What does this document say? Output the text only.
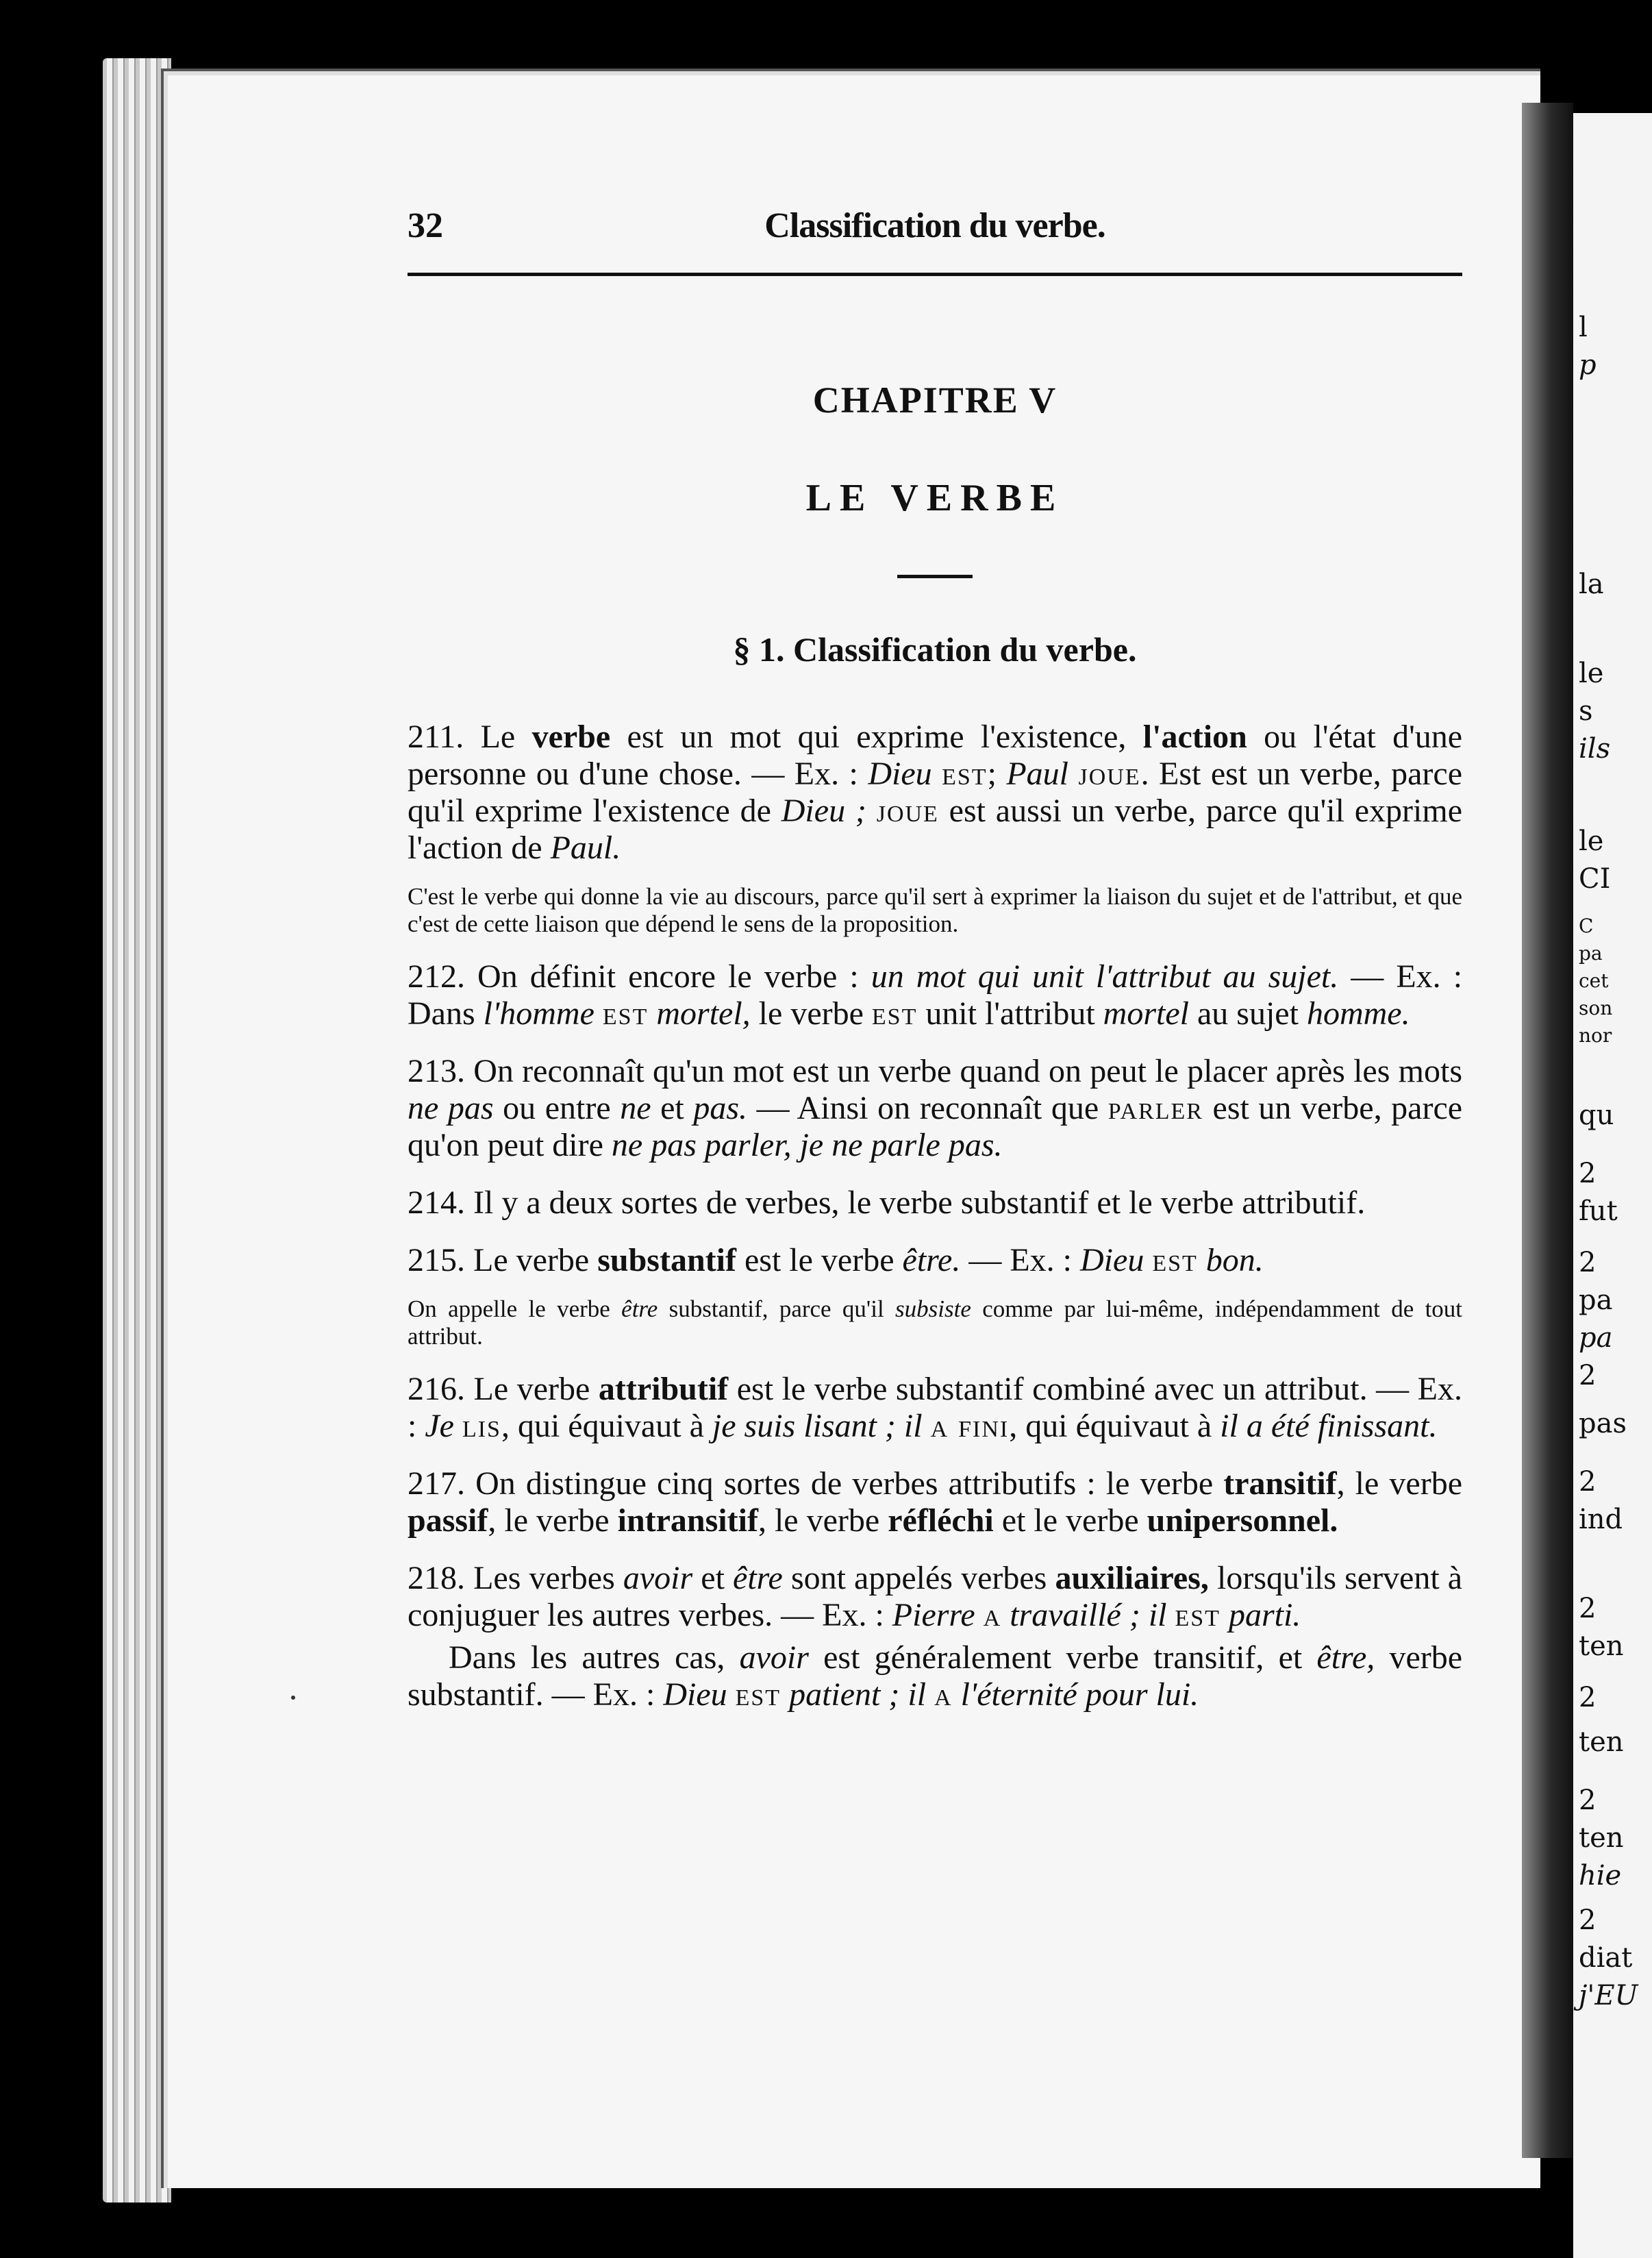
l
p
la
le
s
ils
le
CI
C
pa
cet
son
nor
qu
2
fut
2
pa
pa
2
pas
2
ind
2
ten
2
ten
2
ten
hie
2
diat
j'EU
32	Classification du verbe.
CHAPITRE V
LE VERBE
§ 1. Classification du verbe.

211. Le verbe est un mot qui exprime l'existence, l'action ou l'état d'une personne ou d'une chose. — Ex. : Dieu est; Paul joue. Est est un verbe, parce qu'il exprime l'existence de Dieu ; joue est aussi un verbe, parce qu'il exprime l'action de Paul.

C'est le verbe qui donne la vie au discours, parce qu'il sert à exprimer la liaison du sujet et de l'attribut, et que c'est de cette liaison que dépend le sens de la proposition.

212. On définit encore le verbe : un mot qui unit l'attribut au sujet. — Ex. : Dans l'homme est mortel, le verbe est unit l'attribut mortel au sujet homme.

213. On reconnaît qu'un mot est un verbe quand on peut le placer après les mots ne pas ou entre ne et pas. — Ainsi on reconnaît que parler est un verbe, parce qu'on peut dire ne pas parler, je ne parle pas.

214. Il y a deux sortes de verbes, le verbe substantif et le verbe attributif.

215. Le verbe substantif est le verbe être. — Ex. : Dieu est bon.

On appelle le verbe être substantif, parce qu'il subsiste comme par lui-même, indépendamment de tout attribut.

216. Le verbe attributif est le verbe substantif combiné avec un attribut. — Ex. : Je lis, qui équivaut à je suis lisant ; il a fini, qui équivaut à il a été finissant.

217. On distingue cinq sortes de verbes attributifs : le verbe transitif, le verbe passif, le verbe intransitif, le verbe réfléchi et le verbe unipersonnel.

218. Les verbes avoir et être sont appelés verbes auxiliaires, lorsqu'ils servent à conjuguer les autres verbes. — Ex. : Pierre a travaillé ; il est parti.

Dans les autres cas, avoir est généralement verbe transitif, et être, verbe substantif. — Ex. : Dieu est patient ; il a l'éternité pour lui.
